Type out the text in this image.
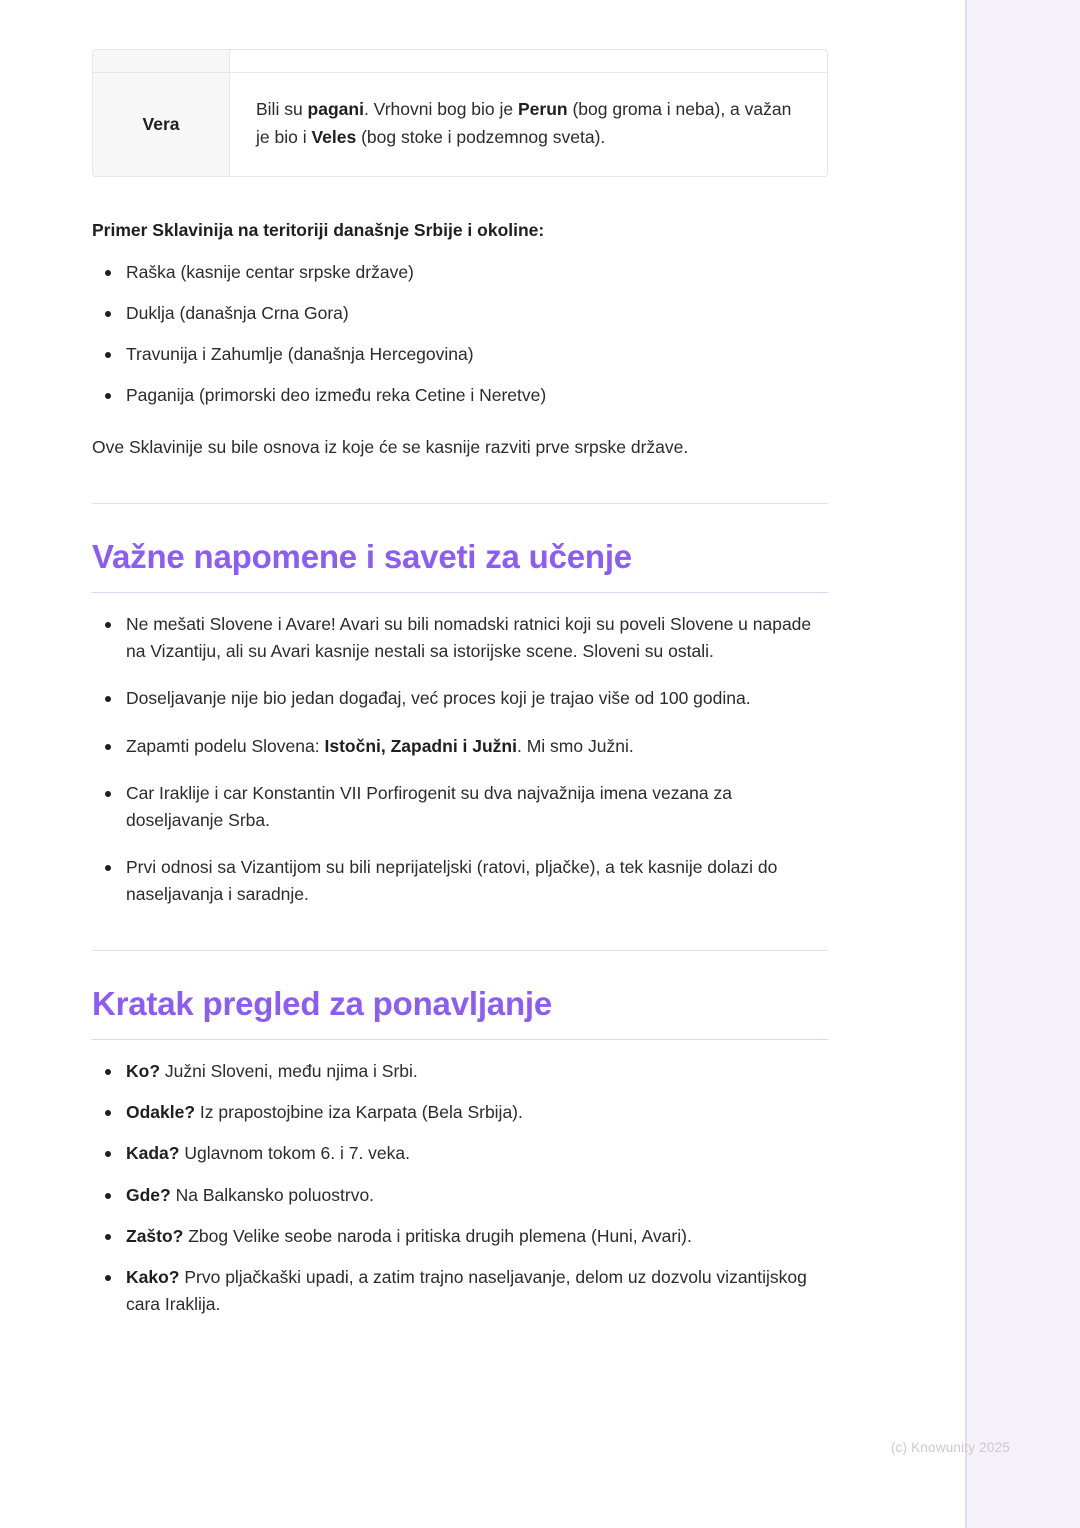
Vera
Bili su pagani. Vrhovni bog bio je Perun (bog groma i neba), a važan je bio i Veles (bog stoke i podzemnog sveta).
Primer Sklavinija na teritoriji današnje Srbije i okoline:
Raška (kasnije centar srpske države)
Duklja (današnja Crna Gora)
Travunija i Zahumlje (današnja Hercegovina)
Paganija (primorski deo između reka Cetine i Neretve)
Ove Sklavinije su bile osnova iz koje će se kasnije razviti prve srpske države.
Važne napomene i saveti za učenje
Ne mešati Slovene i Avare! Avari su bili nomadski ratnici koji su poveli Slovene u napade na Vizantiju, ali su Avari kasnije nestali sa istorijske scene. Sloveni su ostali.
Doseljavanje nije bio jedan događaj, već proces koji je trajao više od 100 godina.
Zapamti podelu Slovena: Istočni, Zapadni i Južni. Mi smo Južni.
Car Iraklije i car Konstantin VII Porfirogenit su dva najvažnija imena vezana za doseljavanje Srba.
Prvi odnosi sa Vizantijom su bili neprijateljski (ratovi, pljačke), a tek kasnije dolazi do naseljavanja i saradnje.
Kratak pregled za ponavljanje
Ko? Južni Sloveni, među njima i Srbi.
Odakle? Iz prapostojbine iza Karpata (Bela Srbija).
Kada? Uglavnom tokom 6. i 7. veka.
Gde? Na Balkansko poluostrvo.
Zašto? Zbog Velike seobe naroda i pritiska drugih plemena (Huni, Avari).
Kako? Prvo pljačkaški upadi, a zatim trajno naseljavanje, delom uz dozvolu vizantijskog cara Iraklija.
(c) Knowunity 2025
